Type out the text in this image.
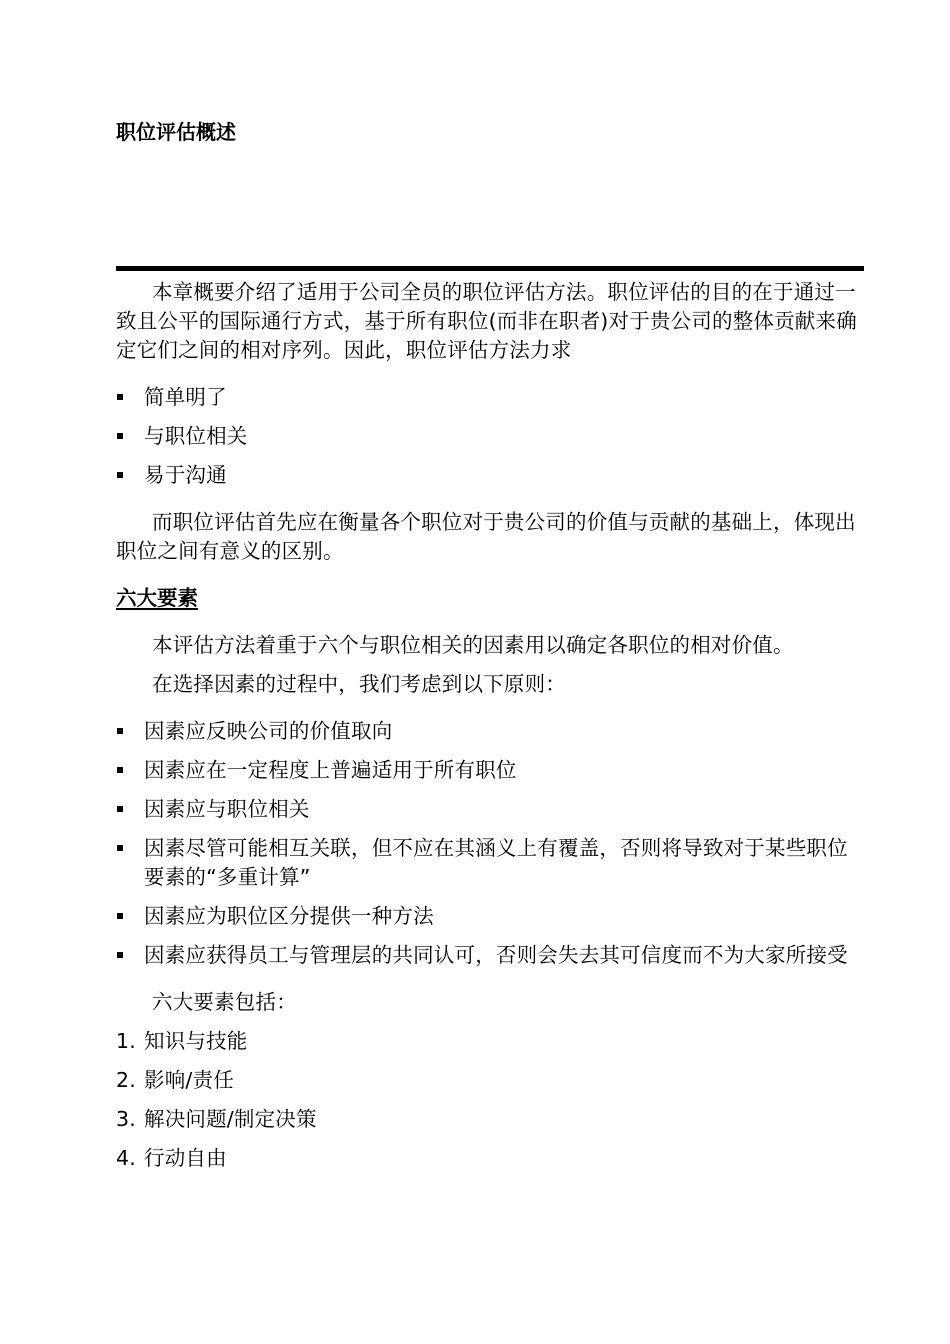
职位评估概述

本章概要介绍了适用于公司全员的职位评估方法。职位评估的目的在于通过一致且公平的国际通行方式，基于所有职位(而非在职者)对于贵公司的整体贡献来确定它们之间的相对序列。因此，职位评估方法力求

简单明了
与职位相关
易于沟通

而职位评估首先应在衡量各个职位对于贵公司的价值与贡献的基础上，体现出职位之间有意义的区别。

六大要素

本评估方法着重于六个与职位相关的因素用以确定各职位的相对价值。

在选择因素的过程中，我们考虑到以下原则：

因素应反映公司的价值取向
因素应在一定程度上普遍适用于所有职位
因素应与职位相关
因素尽管可能相互关联，但不应在其涵义上有覆盖，否则将导致对于某些职位要素的“多重计算”
因素应为职位区分提供一种方法
因素应获得员工与管理层的共同认可，否则会失去其可信度而不为大家所接受

六大要素包括：

1. 知识与技能
2. 影响/责任
3. 解决问题/制定决策
4. 行动自由
